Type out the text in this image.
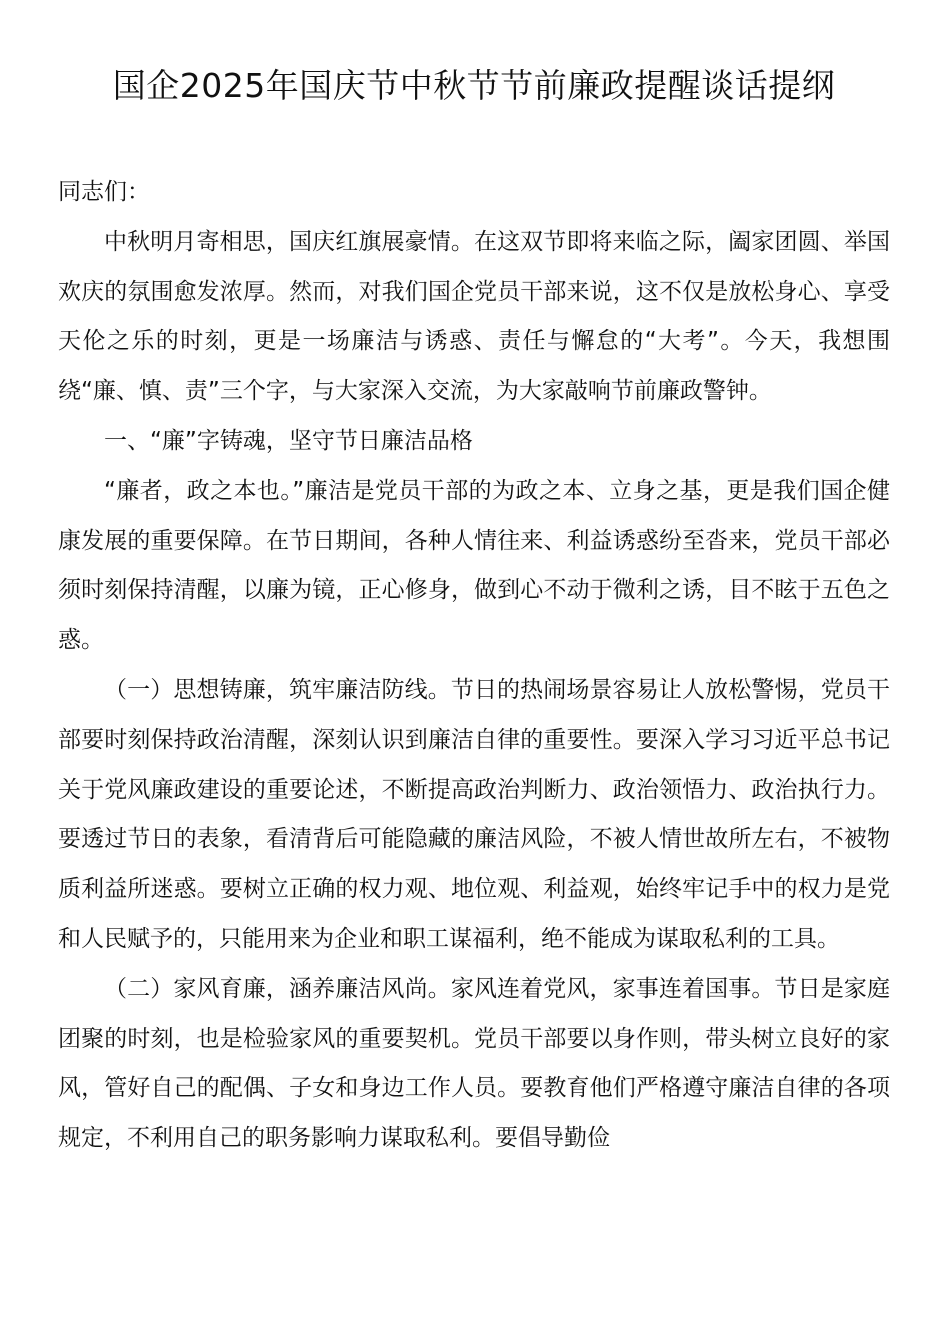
国企2025年国庆节中秋节节前廉政提醒谈话提纲

同志们：

中秋明月寄相思，国庆红旗展豪情。在这双节即将来临之际，阖家团圆、举国欢庆的氛围愈发浓厚。然而，对我们国企党员干部来说，这不仅是放松身心、享受天伦之乐的时刻，更是一场廉洁与诱惑、责任与懈怠的“大考”。今天，我想围绕“廉、慎、责”三个字，与大家深入交流，为大家敲响节前廉政警钟。

一、“廉”字铸魂，坚守节日廉洁品格

“廉者，政之本也。”廉洁是党员干部的为政之本、立身之基，更是我们国企健康发展的重要保障。在节日期间，各种人情往来、利益诱惑纷至沓来，党员干部必须时刻保持清醒，以廉为镜，正心修身，做到心不动于微利之诱，目不眩于五色之惑。

（一）思想铸廉，筑牢廉洁防线。节日的热闹场景容易让人放松警惕，党员干部要时刻保持政治清醒，深刻认识到廉洁自律的重要性。要深入学习习近平总书记关于党风廉政建设的重要论述，不断提高政治判断力、政治领悟力、政治执行力。要透过节日的表象，看清背后可能隐藏的廉洁风险，不被人情世故所左右，不被物质利益所迷惑。要树立正确的权力观、地位观、利益观，始终牢记手中的权力是党和人民赋予的，只能用来为企业和职工谋福利，绝不能成为谋取私利的工具。

（二）家风育廉，涵养廉洁风尚。家风连着党风，家事连着国事。节日是家庭团聚的时刻，也是检验家风的重要契机。党员干部要以身作则，带头树立良好的家风，管好自己的配偶、子女和身边工作人员。要教育他们严格遵守廉洁自律的各项规定，不利用自己的职务影响力谋取私利。要倡导勤俭
